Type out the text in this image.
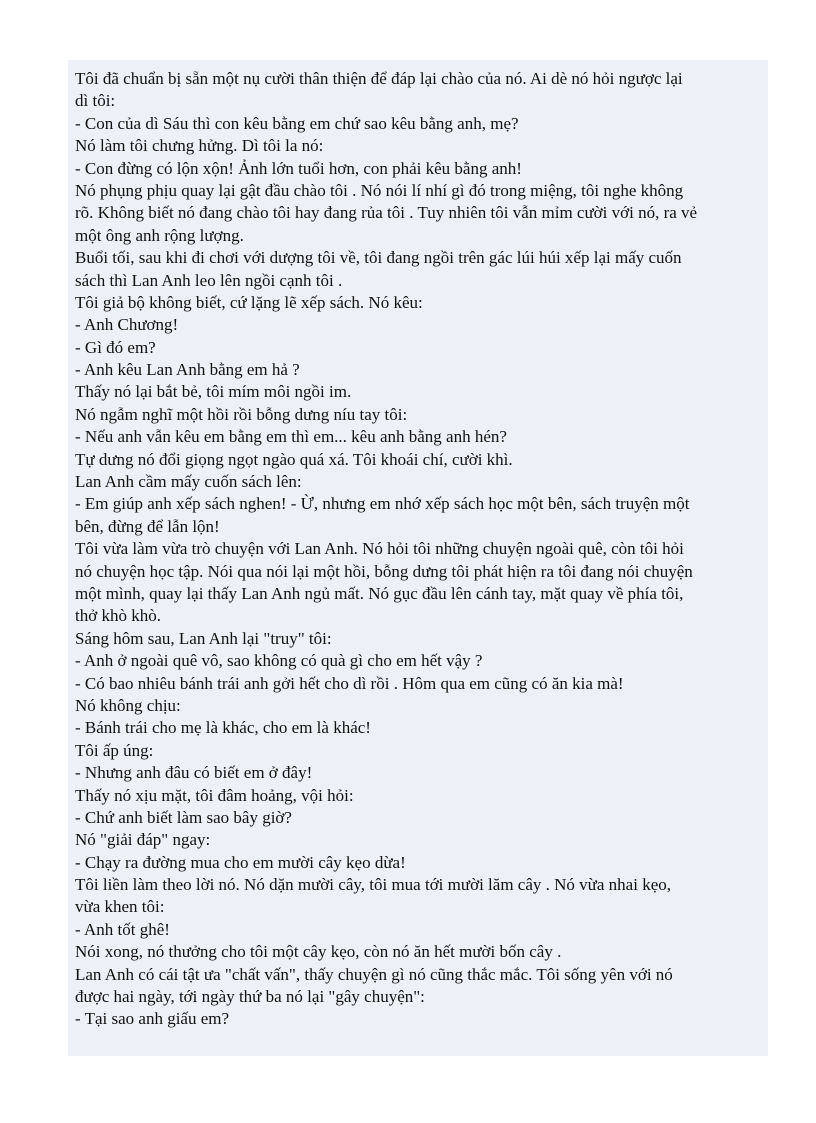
Tôi đã chuẩn bị sẵn một nụ cười thân thiện để đáp lại chào của nó. Ai dè nó hỏi ngược lại
dì tôi:
- Con của dì Sáu thì con kêu bằng em chứ sao kêu bằng anh, mẹ?
Nó làm tôi chưng hửng. Dì tôi la nó:
- Con đừng có lộn xộn! Ảnh lớn tuổi hơn, con phải kêu bằng anh!
Nó phụng phịu quay lại gật đầu chào tôi . Nó nói lí nhí gì đó trong miệng, tôi nghe không
rõ. Không biết nó đang chào tôi hay đang rủa tôi . Tuy nhiên tôi vẫn mỉm cười với nó, ra vẻ
một ông anh rộng lượng.
Buổi tối, sau khi đi chơi với dượng tôi về, tôi đang ngồi trên gác lúi húi xếp lại mấy cuốn
sách thì Lan Anh leo lên ngồi cạnh tôi .
Tôi giả bộ không biết, cứ lặng lẽ xếp sách. Nó kêu:
- Anh Chương!
- Gì đó em?
- Anh kêu Lan Anh bằng em hả ?
Thấy nó lại bắt bẻ, tôi mím môi ngồi im.
Nó ngẫm nghĩ một hồi rồi bỗng dưng níu tay tôi:
- Nếu anh vẫn kêu em bằng em thì em... kêu anh bằng anh hén?
Tự dưng nó đổi giọng ngọt ngào quá xá. Tôi khoái chí, cười khì.
Lan Anh cầm mấy cuốn sách lên:
- Em giúp anh xếp sách nghen! - Ừ, nhưng em nhớ xếp sách học một bên, sách truyện một
bên, đừng để lẫn lộn!
Tôi vừa làm vừa trò chuyện với Lan Anh. Nó hỏi tôi những chuyện ngoài quê, còn tôi hỏi
nó chuyện học tập. Nói qua nói lại một hồi, bỗng dưng tôi phát hiện ra tôi đang nói chuyện
một mình, quay lại thấy Lan Anh ngủ mất. Nó gục đầu lên cánh tay, mặt quay về phía tôi,
thở khò khò.
Sáng hôm sau, Lan Anh lại "truy" tôi:
- Anh ở ngoài quê vô, sao không có quà gì cho em hết vậy ?
- Có bao nhiêu bánh trái anh gởi hết cho dì rồi . Hôm qua em cũng có ăn kia mà!
Nó không chịu:
- Bánh trái cho mẹ là khác, cho em là khác!
Tôi ấp úng:
- Nhưng anh đâu có biết em ở đây!
Thấy nó xịu mặt, tôi đâm hoảng, vội hỏi:
- Chứ anh biết làm sao bây giờ?
Nó "giải đáp" ngay:
- Chạy ra đường mua cho em mười cây kẹo dừa!
Tôi liền làm theo lời nó. Nó dặn mười cây, tôi mua tới mười lăm cây . Nó vừa nhai kẹo,
vừa khen tôi:
- Anh tốt ghê!
Nói xong, nó thưởng cho tôi một cây kẹo, còn nó ăn hết mười bốn cây .
Lan Anh có cái tật ưa "chất vấn", thấy chuyện gì nó cũng thắc mắc. Tôi sống yên với nó
được hai ngày, tới ngày thứ ba nó lại "gây chuyện":
- Tại sao anh giấu em?
